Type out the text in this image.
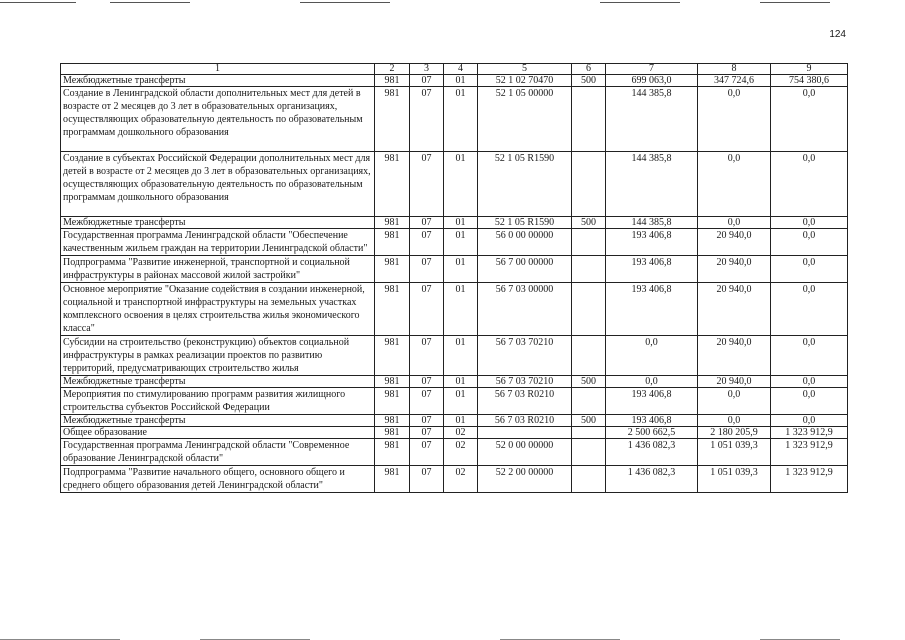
124
1	2	3	4	5	6	7	8	9
Межбюджетные трансферты	981	07	01	52 1 02 70470	500	699 063,0	347 724,6	754 380,6
Создание в Ленинградской области дополнительных мест для детей в возрасте от 2 месяцев до 3 лет в образовательных организациях, осуществляющих образовательную деятельность по образовательным программам дошкольного образования	981	07	01	52 1 05 00000		144 385,8	0,0	0,0
Создание в субъектах Российской Федерации дополнительных мест для детей в возрасте от 2 месяцев до 3 лет в образовательных организациях, осуществляющих образовательную деятельность по образовательным программам дошкольного образования	981	07	01	52 1 05 R1590		144 385,8	0,0	0,0
Межбюджетные трансферты	981	07	01	52 1 05 R1590	500	144 385,8	0,0	0,0
Государственная программа Ленинградской области "Обеспечение качественным жильем граждан на территории Ленинградской области"	981	07	01	56 0 00 00000		193 406,8	20 940,0	0,0
Подпрограмма "Развитие инженерной, транспортной и социальной инфраструктуры в районах массовой жилой застройки"	981	07	01	56 7 00 00000		193 406,8	20 940,0	0,0
Основное мероприятие "Оказание содействия в создании инженерной, социальной и транспортной инфраструктуры на земельных участках комплексного освоения в целях строительства жилья экономического класса"	981	07	01	56 7 03 00000		193 406,8	20 940,0	0,0
Субсидии на строительство (реконструкцию) объектов социальной инфраструктуры в рамках реализации проектов по развитию территорий, предусматривающих строительство жилья	981	07	01	56 7 03 70210		0,0	20 940,0	0,0
Межбюджетные трансферты	981	07	01	56 7 03 70210	500	0,0	20 940,0	0,0
Мероприятия по стимулированию программ развития жилищного строительства субъектов Российской Федерации	981	07	01	56 7 03 R0210		193 406,8	0,0	0,0
Межбюджетные трансферты	981	07	01	56 7 03 R0210	500	193 406,8	0,0	0,0
Общее образование	981	07	02			2 500 662,5	2 180 205,9	1 323 912,9
Государственная программа Ленинградской области "Современное образование Ленинградской области"	981	07	02	52 0 00 00000		1 436 082,3	1 051 039,3	1 323 912,9
Подпрограмма "Развитие начального общего, основного общего и среднего общего образования детей Ленинградской области"	981	07	02	52 2 00 00000		1 436 082,3	1 051 039,3	1 323 912,9
